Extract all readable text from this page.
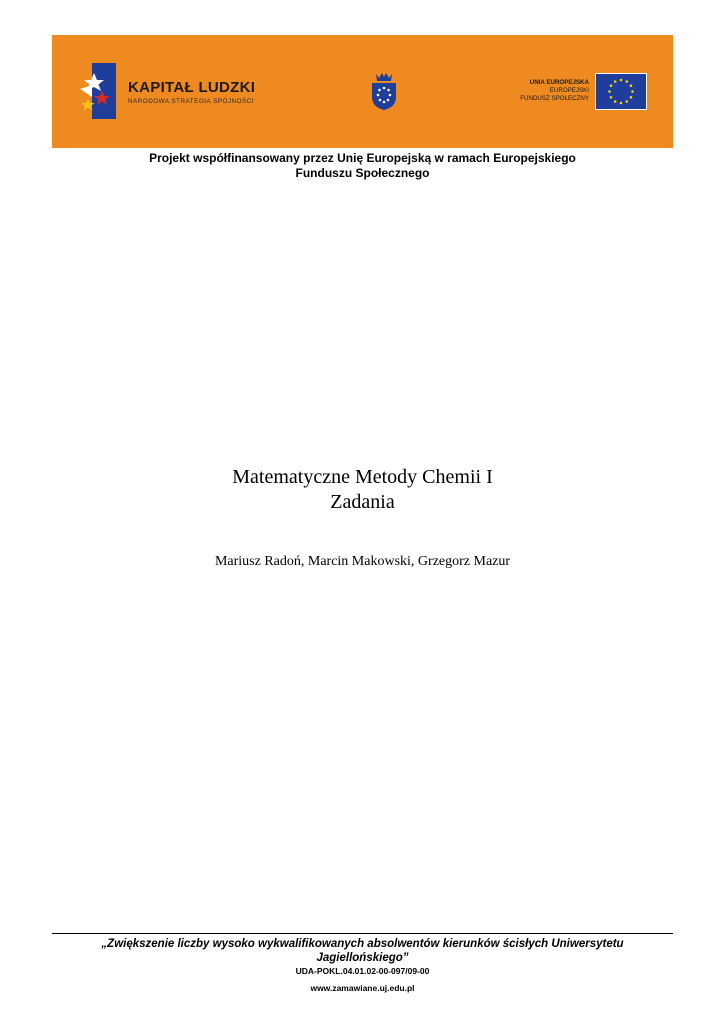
KAPITAŁ LUDZKI
NARODOWA STRATEGIA SPÓJNOŚCI
UNIA EUROPEJSKA
EUROPEJSKI
FUNDUSZ SPOŁECZNY
Projekt współfinansowany przez Unię Europejską w ramach Europejskiego
Funduszu Społecznego
Matematyczne Metody Chemii I
Zadania
Mariusz Radoń, Marcin Makowski, Grzegorz Mazur
„Zwiększenie liczby wysoko wykwalifikowanych absolwentów kierunków ścisłych Uniwersytetu
Jagiellońskiego”
UDA-POKL.04.01.02-00-097/09-00
www.zamawiane.uj.edu.pl
